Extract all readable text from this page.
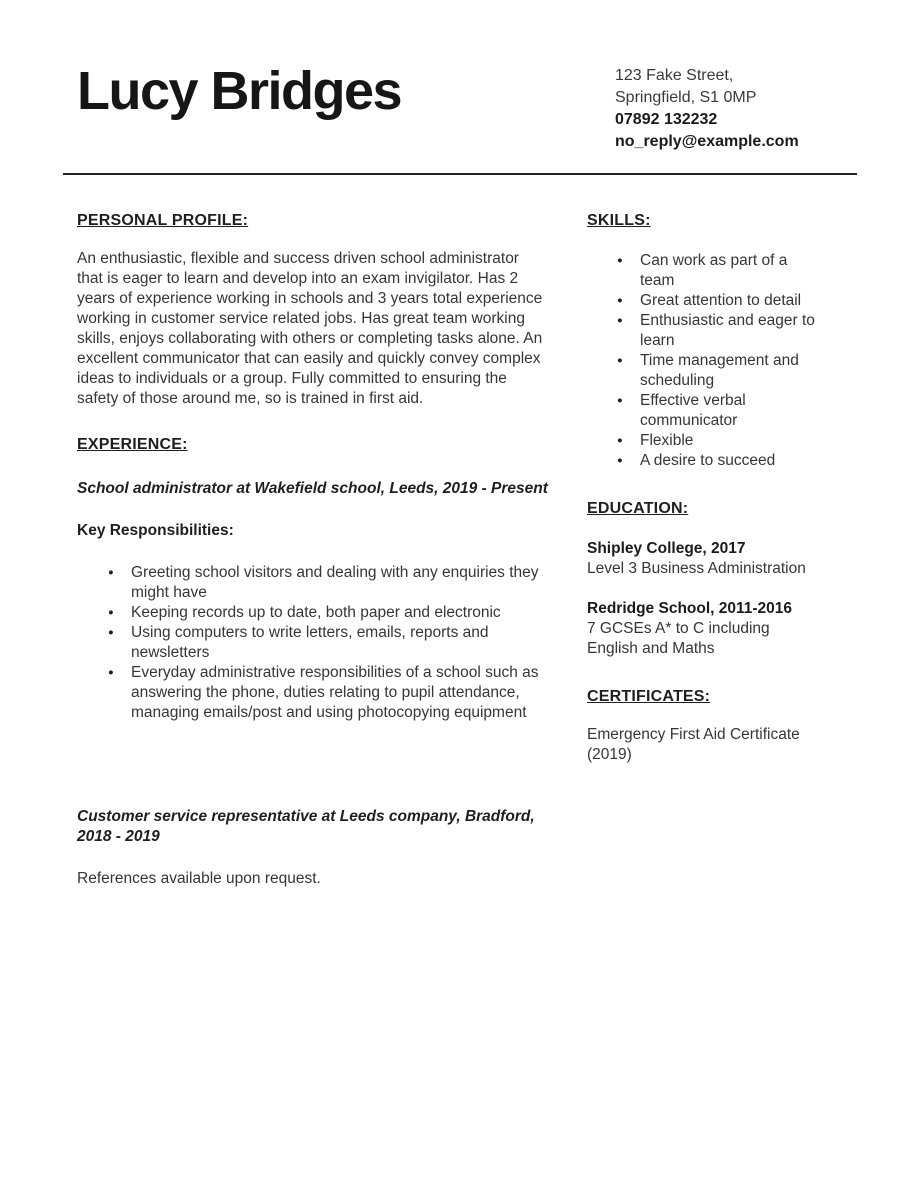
Lucy Bridges	123 Fake Street,
Springfield, S1 0MP
07892 132232
no_reply@example.com
PERSONAL PROFILE:

An enthusiastic, flexible and success driven school administrator that is eager to learn and develop into an exam invigilator. Has 2 years of experience working in schools and 3 years total experience working in customer service related jobs. Has great team working skills, enjoys collaborating with others or completing tasks alone. An excellent communicator that can easily and quickly convey complex ideas to individuals or a group. Fully committed to ensuring the safety of those around me, so is trained in first aid.

EXPERIENCE:
School administrator at Wakefield school, Leeds, 2019 - Present
Key Responsibilities:
● Greeting school visitors and dealing with any enquiries they might have
● Keeping records up to date, both paper and electronic
● Using computers to write letters, emails, reports and newsletters
● Everyday administrative responsibilities of a school such as answering the phone, duties relating to pupil attendance, managing emails/post and using photocopying equipment
Customer service representative at Leeds company, Bradford, 2018 - 2019

References available upon request.

SKILLS:
● Can work as part of a team
● Great attention to detail
● Enthusiastic and eager to learn
● Time management and scheduling
● Effective verbal communicator
● Flexible
● A desire to succeed
EDUCATION:
Shipley College, 2017
Level 3 Business Administration
Redridge School, 2011-2016
7 GCSEs A* to C including English and Maths
CERTIFICATES:

Emergency First Aid Certificate (2019)
